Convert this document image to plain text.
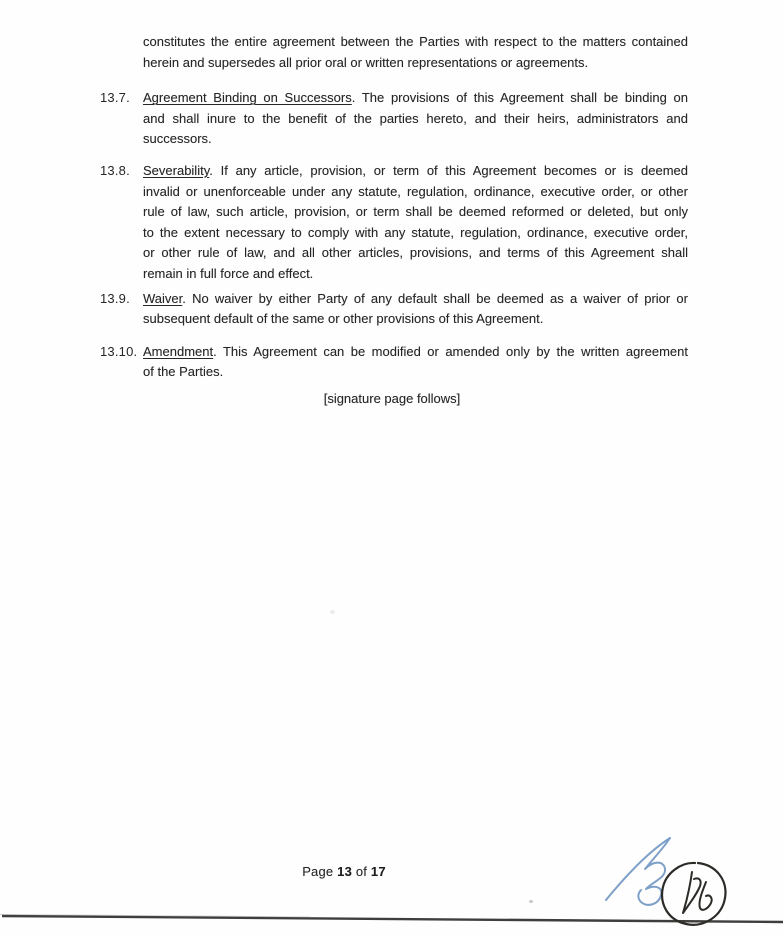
constitutes the entire agreement between the Parties with respect to the matters contained
herein and supersedes all prior oral or written representations or agreements.
13.7. Agreement Binding on Successors. The provisions of this Agreement shall be binding on
and shall inure to the benefit of the parties hereto, and their heirs, administrators and
successors.
13.8. Severability. If any article, provision, or term of this Agreement becomes or is deemed
invalid or unenforceable under any statute, regulation, ordinance, executive order, or other
rule of law, such article, provision, or term shall be deemed reformed or deleted, but only
to the extent necessary to comply with any statute, regulation, ordinance, executive order,
or other rule of law, and all other articles, provisions, and terms of this Agreement shall
remain in full force and effect.
13.9. Waiver. No waiver by either Party of any default shall be deemed as a waiver of prior or
subsequent default of the same or other provisions of this Agreement.
13.10. Amendment. This Agreement can be modified or amended only by the written agreement
of the Parties.
[signature page follows]
Page 13 of 17
